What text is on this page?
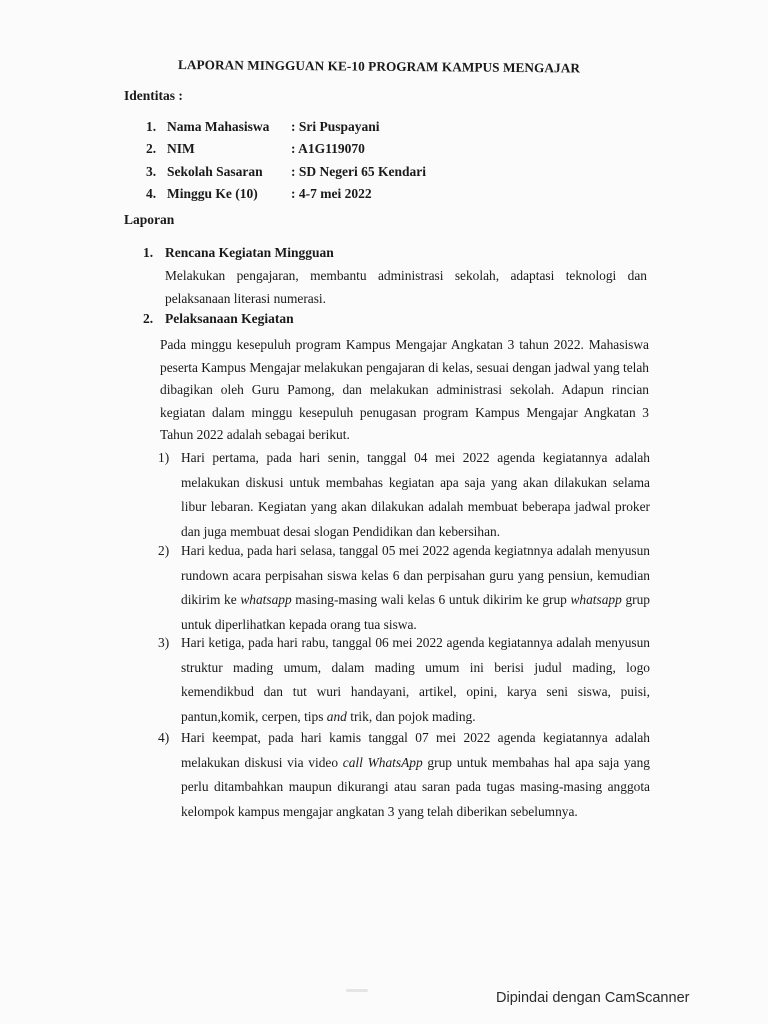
LAPORAN MINGGUAN KE-10 PROGRAM KAMPUS MENGAJAR
Identitas :
1. Nama Mahasiswa : Sri Puspayani
2. NIM	: A1G119070
3. Sekolah Sasaran : SD Negeri 65 Kendari
4. Minggu Ke (10) : 4-7 mei 2022
Laporan
1. Rencana Kegiatan Mingguan
Melakukan pengajaran, membantu administrasi sekolah, adaptasi teknologi dan pelaksanaan literasi numerasi.
2. Pelaksanaan Kegiatan
Pada minggu kesepuluh program Kampus Mengajar Angkatan 3 tahun 2022. Mahasiswa peserta Kampus Mengajar melakukan pengajaran di kelas, sesuai dengan jadwal yang telah dibagikan oleh Guru Pamong, dan melakukan administrasi sekolah. Adapun rincian kegiatan dalam minggu kesepuluh penugasan program Kampus Mengajar Angkatan 3 Tahun 2022 adalah sebagai berikut.
1) Hari pertama, pada hari senin, tanggal 04 mei 2022 agenda kegiatannya adalah melakukan diskusi untuk membahas kegiatan apa saja yang akan dilakukan selama libur lebaran. Kegiatan yang akan dilakukan adalah membuat beberapa jadwal proker dan juga membuat desai slogan Pendidikan dan kebersihan.
2) Hari kedua, pada hari selasa, tanggal 05 mei 2022 agenda kegiatnnya adalah menyusun rundown acara perpisahan siswa kelas 6 dan perpisahan guru yang pensiun, kemudian dikirim ke whatsapp masing-masing wali kelas 6 untuk dikirim ke grup whatsapp grup untuk diperlihatkan kepada orang tua siswa.
3) Hari ketiga, pada hari rabu, tanggal 06 mei 2022 agenda kegiatannya adalah menyusun struktur mading umum, dalam mading umum ini berisi judul mading, logo kemendikbud dan tut wuri handayani, artikel, opini, karya seni siswa, puisi, pantun,komik, cerpen, tips and trik, dan pojok mading.
4) Hari keempat, pada hari kamis tanggal 07 mei 2022 agenda kegiatannya adalah melakukan diskusi via video call WhatsApp grup untuk membahas hal apa saja yang perlu ditambahkan maupun dikurangi atau saran pada tugas masing-masing anggota kelompok kampus mengajar angkatan 3 yang telah diberikan sebelumnya.
Dipindai dengan CamScanner
